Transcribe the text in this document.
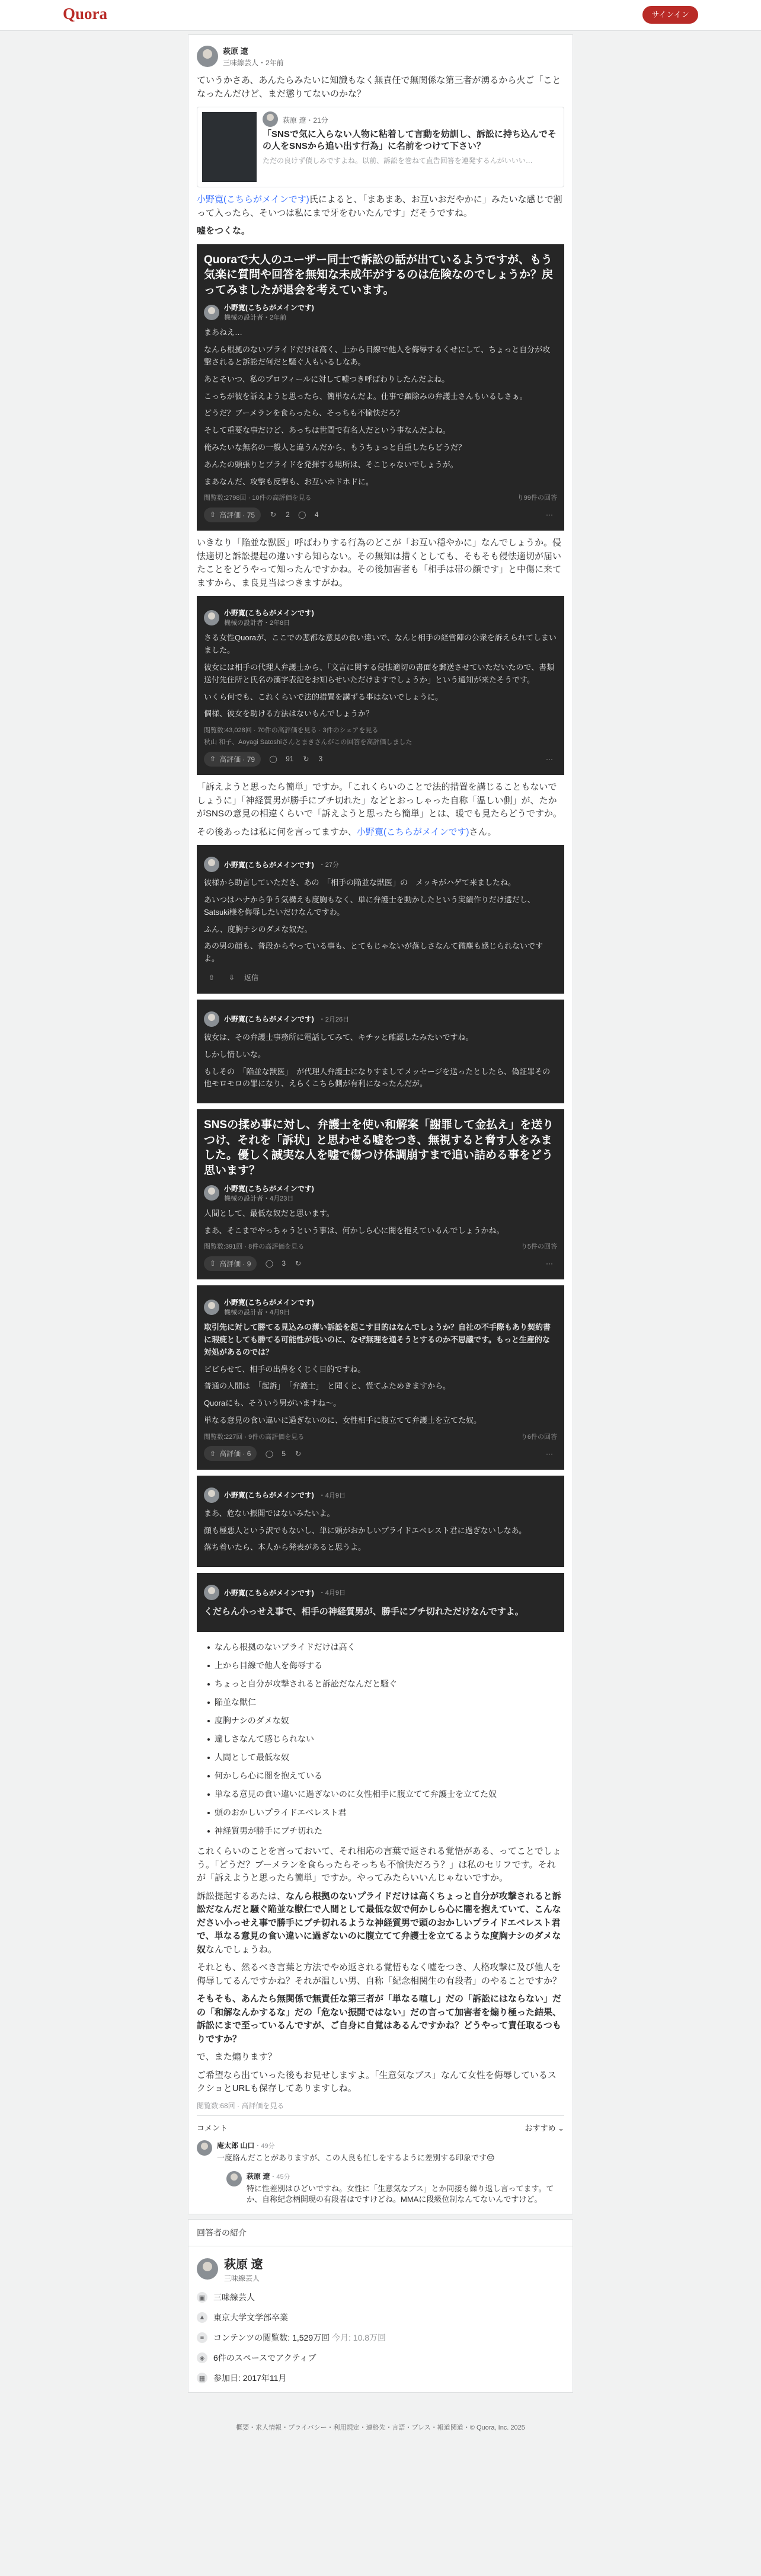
Quora	サインイン
萩原 遼
三味線芸人・2年前

ていうかさあ、あんたらみたいに知識もなく無責任で無関係な第三者が湧るから火ご「ことなったんだけど、まだ懲りてないのかな？

萩原 遼・21分
「SNSで気に入らない人物に粘着して言動を妨訓し、訴訟に持ち込んでその人をSNSから追い出す行為」に名前をつけて下さい？
ただの良けず債しみですよね。以前、訴訟を巻ねて直告回答を連発するんがいいい…

小野寛(こちらがメインです)氏によると、「まあまあ、お互いおだやかに」みたいな感じで割って入ったら、そいつは私にまで牙をむいたんです」だそうですね。

嘘をつくな。

Quoraで大人のユーザー同士で訴訟の話が出ているようですが、もう気楽に質問や回答を無知な未成年がするのは危険なのでしょうか？戻ってみましたが退会を考えています。
小野寛(こちらがメインです)
機械の設計者・2年前

まあねえ…

なんら根拠のないプライドだけは高く、上から目線で他人を侮辱するくせにして、ちょっと自分が攻撃されると訴訟だ何だと騒ぐ人もいるしなあ。

あとそいつ、私のプロフィールに対して嘘つき呼ばわりしたんだよね。

こっちが彼を訴えようと思ったら、簡単なんだよ。仕事で顧除みの弁護士さんもいるしさぁ。

どうだ？ブーメランを食らったら、そっちも不愉快だろ？

そして重要な事だけど、あっちは世間で有名人だという事なんだよね。

俺みたいな無名の一般人と違うんだから、もうちょっと自重したらどうだ？

あんたの頭張りとプライドを発揮する場所は、そこじゃないでしょうが。

まあなんだ、攻撃も反撃も、お互いホドホドに。

閲覧数:2798回 · 10件の高評価を見る	り99件の回答
⇧ 高評価 · 75	↻	2	◯	4	···

いきなり「陥並な獣医」呼ばわりする行為のどこが「お互い穏やかに」なんでしょうか。侵怯適切と訴訟提起の違いすら知らない。その無知は措くとしても、そもそも侵怯適切が届いたことをどうやって知ったんですかね。その後加害者も「相手は帯の顔です」と中傷に来てますから、ま良見当はつきますがね。

小野寛(こちらがメインです)
機械の設計者・2年8日

さる女性Quoraが、ここでの悲都な意見の食い違いで、なんと相手の経営陣の公衆を訴えられてしまいました。

彼女には相手の代理人弁護士から、「文言に関する侵怯適切の書面を郵送させていただいたので、書類送付先住所と氏名の漢字表記をお知らせいただけますでしょうか」という通知が来たそうです。

いくら何でも、これくらいで法的措置を講ずる事はないでしょうに。

個様、彼女を助ける方法はないもんでしょうか？

閲覧数:43,028回 · 70件の高評価を見る · 3件のシェアを見る
秋山 和子、Aoyagi Satoshiさんとまきさんがこの回答を高評価しました
⇧ 高評価 · 79	◯	91	↻	3	···

「訴えようと思ったら簡単」ですか。「これくらいのことで法的措置を講じることもないでしょうに」「神経質男が勝手にブチ切れた」などとおっしゃった自称「温しい側」が、たかがSNSの意見の相違くらいで「訴えようと思ったら簡単」とは、暖でも見たらどうですか。

その後あったは私に何を言ってますか、小野寛(こちらがメインです)さん。

小野寛(こちらがメインです) ・27分

彼様から助言していただき、あの　「相手の陥並な獣医」の　メッキがハゲて来ましたね。

あいつはハナから争う気構えも度胸もなく、単に弁護士を動かしたという実績作りだけ選だし、Satsuki様を侮辱したいだけなんですわ。

ふん、度胸ナシのダメな奴だ。

あの男の顔も、普段からやっている事も、とてもじゃないが落しさなんて微塵も感じられないですよ。

⇧	⇩	返信
小野寛(こちらがメインです) ・2月26日

彼女は、その弁護士事務所に電話してみて、キチッと確認したみたいですね。

しかし情しいな。

もしその　「陥並な獣医」　が代理人弁護士になりすましてメッセージを送ったとしたら、偽証罪その他モロモロの罪になり、えらくこちら側が有利になったんだが。

SNSの揉め事に対し、弁護士を使い和解案「謝罪して金払え」を送りつけ、それを「訴状」と思わせる嘘をつき、無視すると脅す人をみました。優しく誠実な人を嘘で傷つけ体調崩すまで追い詰める事をどう思います？
小野寛(こちらがメインです)
機械の設計者・4月23日

人間として、最低な奴だと思います。

まあ、そこまでやっちゃうという事は、何かしら心に闇を抱えているんでしょうかね。

閲覧数:391回 · 8件の高評価を見る	り5件の回答
⇧ 高評価 · 9	◯	3	↻	···
小野寛(こちらがメインです)
機械の設計者・4月9日

取引先に対して勝てる見込みの薄い訴訟を起こす目的はなんでしょうか？自社の不手際もあり契約書に瑕疵としても勝てる可能性が低いのに、なぜ無理を通そうとするのか不思議です。もっと生産的な対処があるのでは？

ビビらせて、相手の出鼻をくじく目的ですね。

普通の人間は　「起訴」　「弁護士」　と聞くと、慌てふためきますから。

Quoraにも、そういう男がいますね～。

単なる意見の食い違いに過ぎないのに、女性相手に腹立てて弁護士を立てた奴。

閲覧数:227回 · 9件の高評価を見る	り6件の回答
⇧ 高評価 · 6	◯	5	↻	···
小野寛(こちらがメインです) ・4月9日

まあ、危ない振開ではないみたいよ。

顔も極悪人という訳でもないし、単に頭がおかしいプライドエベレスト君に過ぎないしなあ。

落ち着いたら、本人から発表があると思うよ。

小野寛(こちらがメインです) ・4月9日

くだらん小っせえ事で、相手の神経質男が、勝手にブチ切れただけなんですよ。

なんら根拠のないプライドだけは高く
上から目線で他人を侮辱する
ちょっと自分が攻撃されると訴訟だなんだと騒ぐ
陥並な獣仁
度胸ナシのダメな奴
違しさなんて感じられない
人間として最低な奴
何かしら心に闇を抱えている
単なる意見の食い違いに過ぎないのに女性相手に腹立てて弁護士を立てた奴
頭のおかしいプライドエベレスト君
神経質男が勝手にブチ切れた

これくらいのことを言っておいて、それ相応の言葉で返される覚悟がある、ってことでしょう。「どうだ？ブーメランを食らったらそっちも不愉快だろう？」は私のセリフです。それが「訴えようと思ったら簡単」ですか。やってみたらいいんじゃないですか。

訴訟提起するあたは、なんら根拠のないプライドだけは高くちょっと自分が攻撃されると訴訟だなんだと騒ぐ陥並な獣仁で人間として最低な奴で何かしら心に闇を抱えていて、こんなださい小っせえ事で勝手にブチ切れるような神経質男で頭のおかしいプライドエベレスト君で、単なる意見の食い違いに過ぎないのに腹立てて弁護士を立てるような度胸ナシのダメな奴なんでしょうね。

それとも、然るべき言葉と方法でやめ返される覚悟もなく嘘をつき、人格攻撃に及び他人を侮辱してるんですかね？それが温しい男、自称「紀念相関生の有段者」のやることですか？

そもそも、あんたら無関係で無責任な第三者が「単なる喧し」だの「訴訟にはならない」だの「和解なんかするな」だの「危ない振開ではない」だの言って加害者を煽り極った結果、訴訟にまで至っているんですが、ご自身に自覚はあるんですかね？どうやって責任取るつもりですか？

で、また煽ります？

ご希望なら出ていった後もお見せしますよ。「生意気なブス」なんて女性を侮辱しているスクショとURLも保存してありますしね。

閲覧数:68回 · 高評価を見る
コメント	おすすめ ⌄
庵太郎 山口・49分
一度絡んだことがありますが、この人良も忙しをするように差別する印象です😔
萩原 遼・45分
特に性差別はひどいですね。女性に「生意気なブス」とか同接も繰り返し言ってます。てか、自称紀念柄開現の有段者はですけどね。MMAに段級位制なんてないんですけど。
回答者の紹介
萩原 遼
三味線芸人
▣ 三味線芸人
▲ 東京大学文学部卒業
≡	コンテンツの閲覧数: 1,529万回 今月: 10.8万回
◈	6件のスペースでアクティブ
▦ 参加日: 2017年11月
概要・求人情報・プライバシー・利用規定・連絡先・言語・プレス・報道関道・© Quora, Inc. 2025
